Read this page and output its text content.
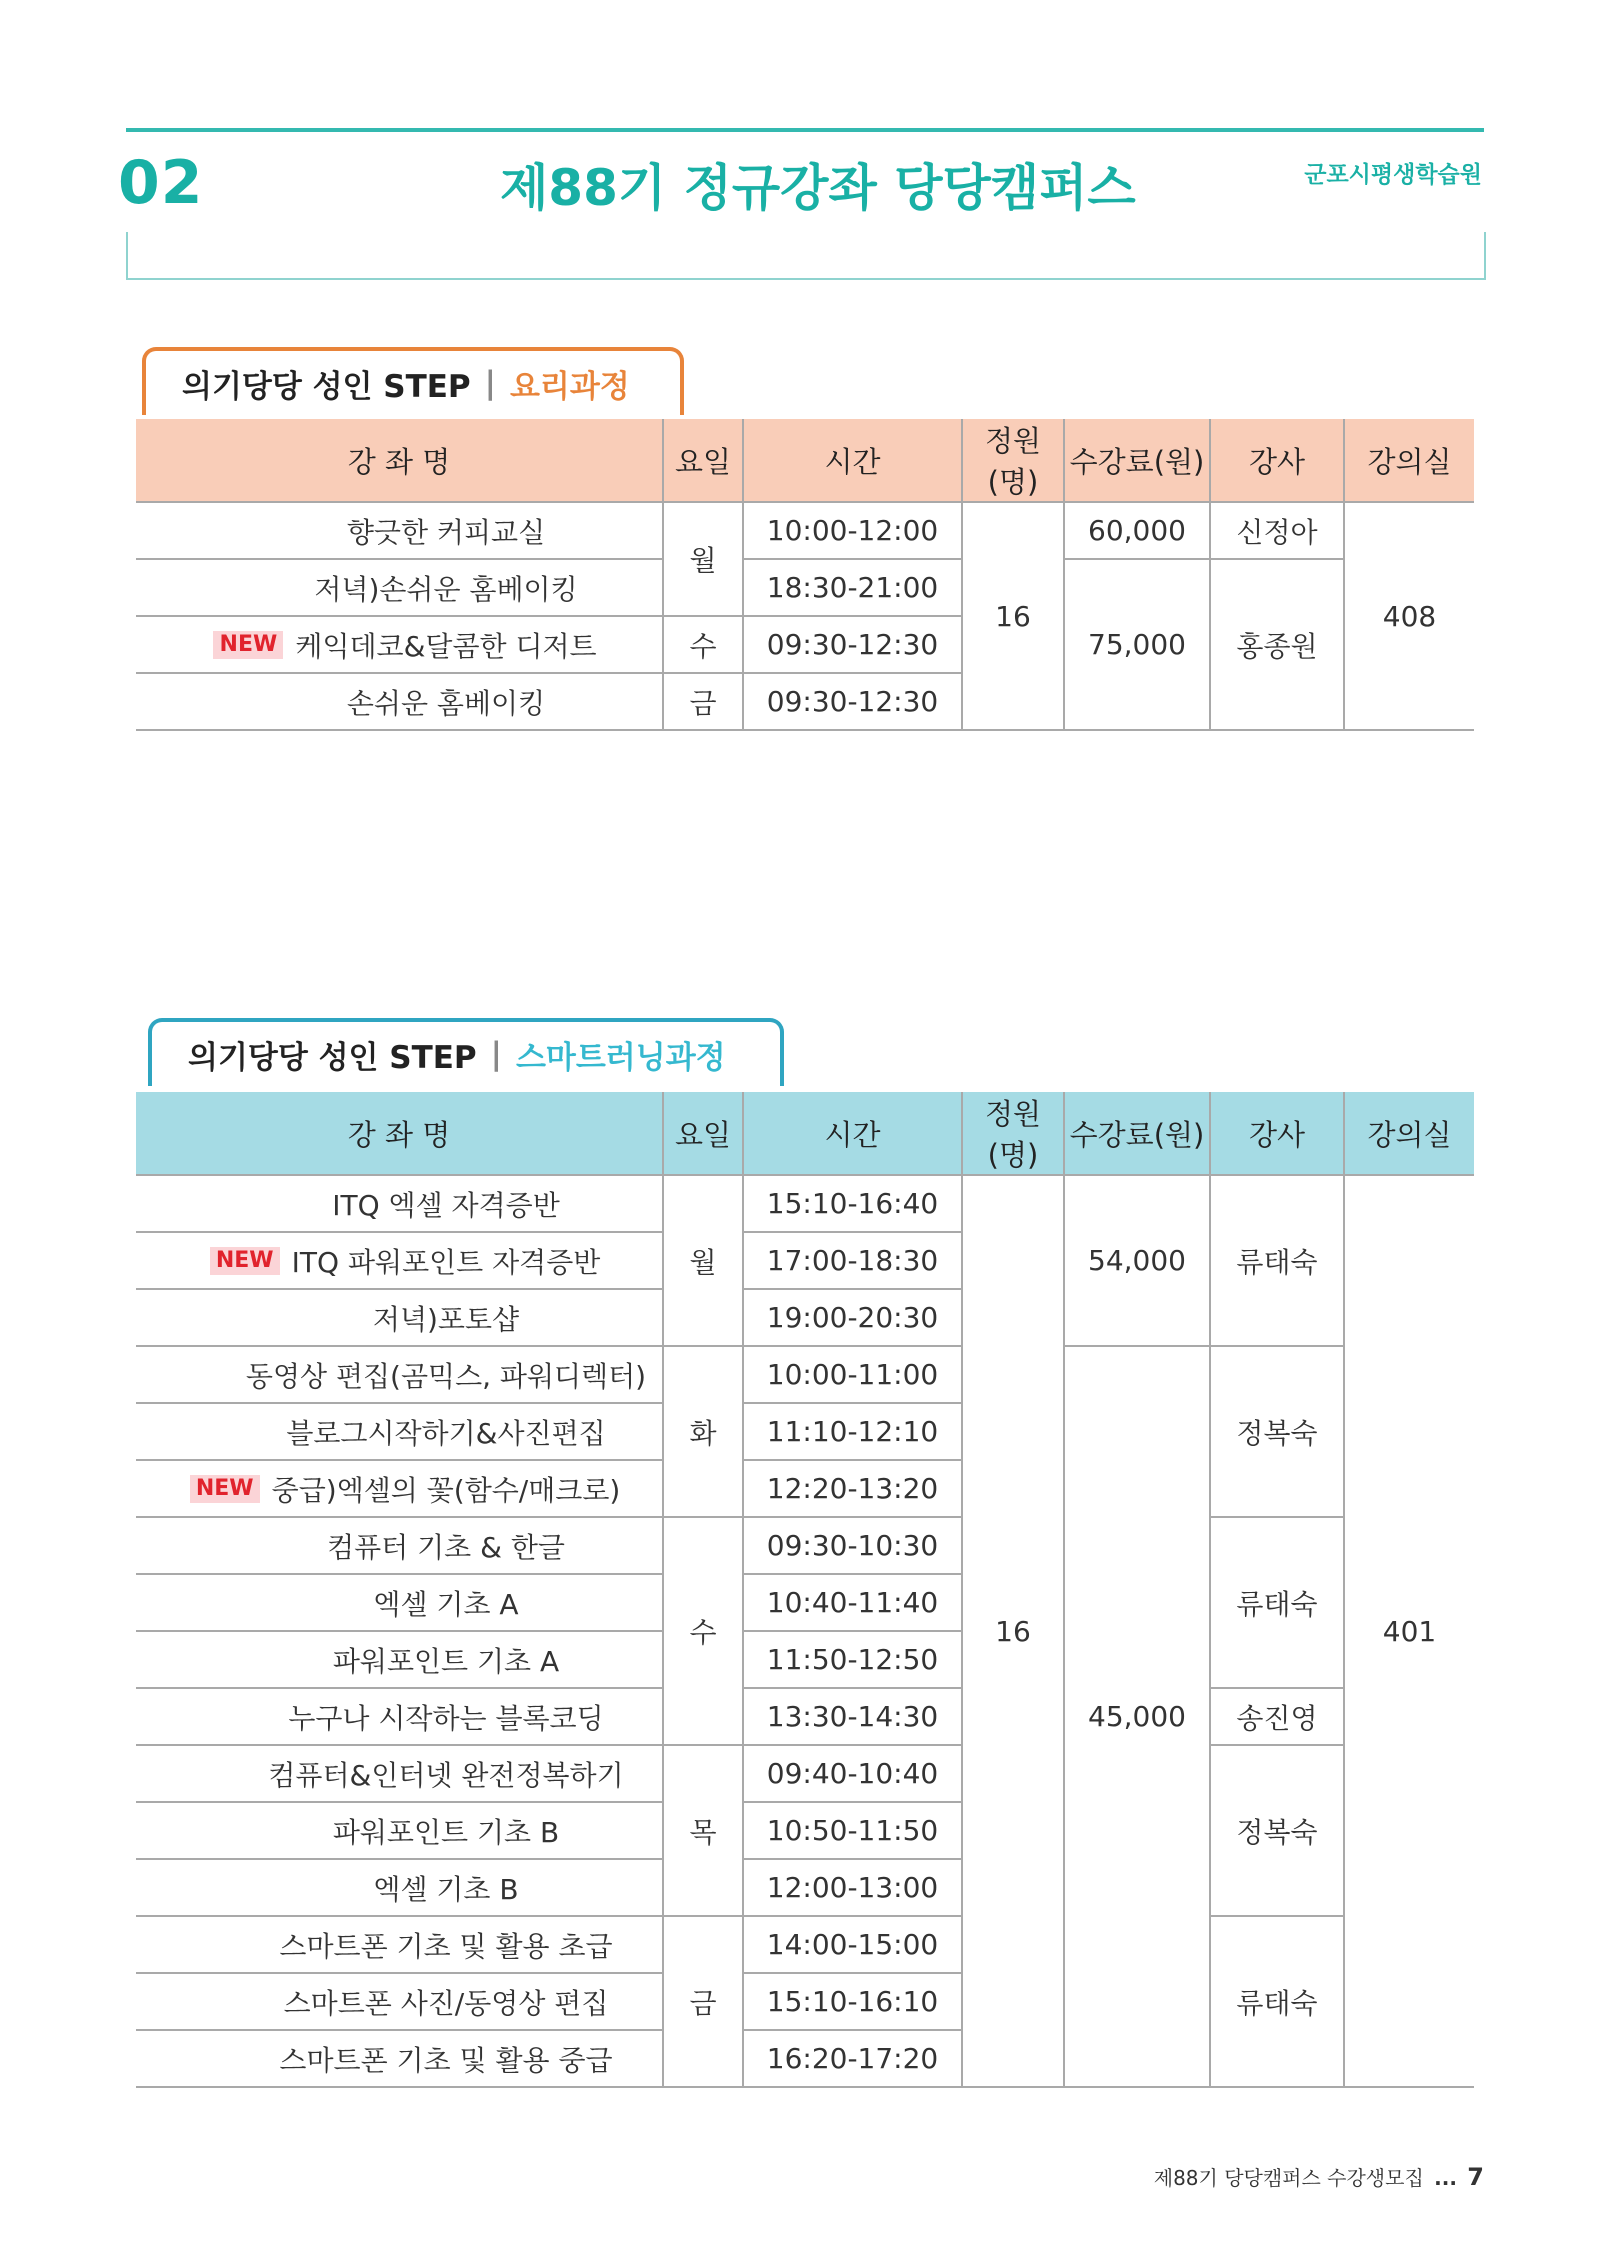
02	제88기 정규강좌 당당캠퍼스	군포시평생학습원
의기당당 성인 STEP | 요리과정
강 좌 명	요일	시간	정원(명)	수강료(원)	강사	강의실
향긋한 커피교실	월	10:00-12:00	16	60,000	신정아	408
저녁)손쉬운 홈베이킹		18:30-21:00		75,000	홍종원	
NEW 케익데코&달콤한 디저트	수	09:30-12:30				
손쉬운 홈베이킹	금	09:30-12:30				
의기당당 성인 STEP | 스마트러닝과정
강 좌 명	요일	시간	정원(명)	수강료(원)	강사	강의실
ITQ 엑셀 자격증반	월	15:10-16:40	16	54,000	류태숙	401
NEW ITQ 파워포인트 자격증반		17:00-18:30				
저녁)포토샵		19:00-20:30				
동영상 편집(곰믹스, 파워디렉터)	화	10:00-11:00		45,000	정복숙	
블로그시작하기&사진편집		11:10-12:10				
NEW 중급)엑셀의 꽃(함수/매크로)		12:20-13:20				
컴퓨터 기초 & 한글	수	09:30-10:30			류태숙	
엑셀 기초 A		10:40-11:40				
파워포인트 기초 A		11:50-12:50				
누구나 시작하는 블록코딩		13:30-14:30			송진영	
컴퓨터&인터넷 완전정복하기	목	09:40-10:40			정복숙	
파워포인트 기초 B		10:50-11:50				
엑셀 기초 B		12:00-13:00				
스마트폰 기초 및 활용 초급	금	14:00-15:00			류태숙	
스마트폰 사진/동영상 편집		15:10-16:10				
스마트폰 기초 및 활용 중급		16:20-17:20				
제88기 당당캠퍼스 수강생모집 ... 7
